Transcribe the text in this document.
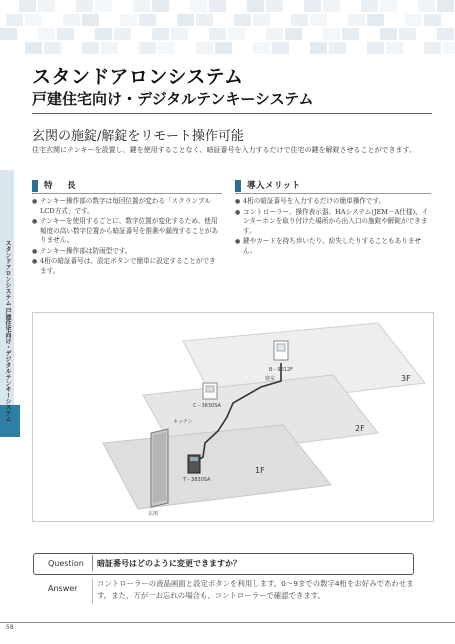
スタンドアロンシステム
戸建住宅向け・デジタルテンキーシステム
玄関の施錠/解錠をリモート操作可能
住宅玄関にテンキーを設置し、鍵を使用することなく、暗証番号を入力するだけで住宅の鍵を解錠させることができます。
スタンドアロンシステム 戸建住宅向け・デジタルテンキーシステム
特　長
● テンキー操作部の数字は毎回位置が変わる「スクランブルLCD方式」です。
● テンキーを使用するごとに、数字位置が変化するため、使用頻度の高い数字位置から暗証番号を推測や漏洩することがありません。
● テンキー操作部は防雨型です。
● 4桁の暗証番号は、設定ボタンで簡単に設定することができます。
導入メリット
● 4桁の暗証番号を入力するだけの簡単操作です。
● コントローラー、操作表示器、HAシステム(JEM－A仕様)、インターホンを取り付けた場所から出入口の施錠や解錠ができます。
● 鍵やカードを持ち歩いたり、紛失したりすることもありません。
B－9612F
寝室
C－3830SA
キッチン
T－3830SA
玄関
3F
2F
1F
Question 暗証番号はどのように変更できますか？
Answer
コントローラーの液晶画面と設定ボタンを利用します。0～9までの数字4桁をお好みであわせます。また、万が一お忘れの場合も、コントローラーで確認できます。
58
